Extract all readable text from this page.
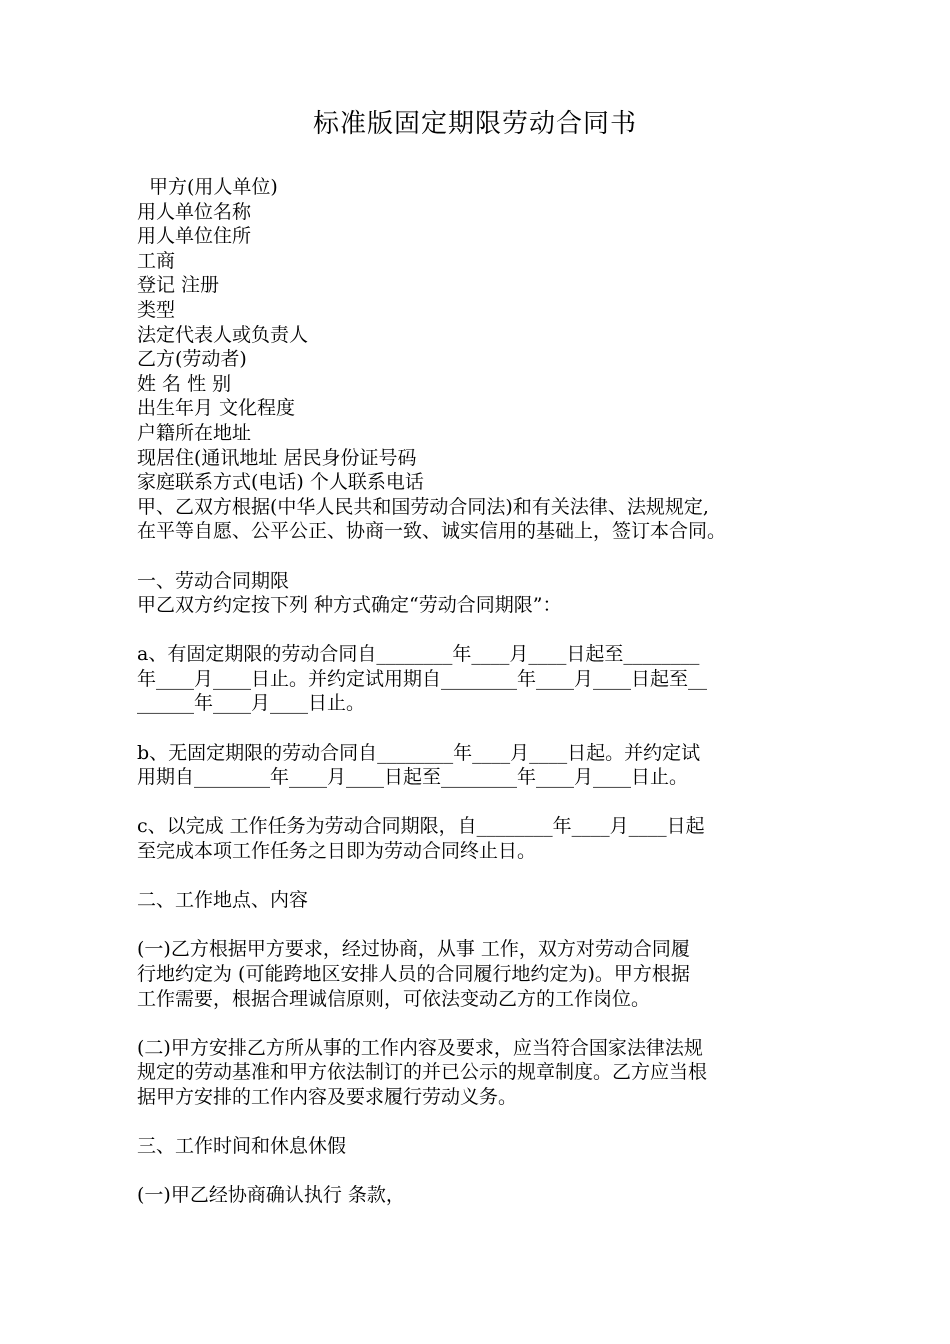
标准版固定期限劳动合同书
甲方(用人单位)
用人单位名称
用人单位住所
工商
登记 注册
类型
法定代表人或负责人
乙方(劳动者)
姓 名 性 别
出生年月 文化程度
户籍所在地址
现居住(通讯地址 居民身份证号码
家庭联系方式(电话) 个人联系电话
甲、乙双方根据(中华人民共和国劳动合同法)和有关法律、法规规定,
在平等自愿、公平公正、协商一致、诚实信用的基础上，签订本合同。
一、劳动合同期限
甲乙双方约定按下列 种方式确定“劳动合同期限”：
a、有固定期限的劳动合同自________年____月____日起至________
年____月____日止。并约定试用期自________年____月____日起至__
______年____月____日止。
b、无固定期限的劳动合同自________年____月____日起。并约定试
用期自________年____月____日起至________年____月____日止。
c、以完成 工作任务为劳动合同期限，自________年____月____日起
至完成本项工作任务之日即为劳动合同终止日。
二、工作地点、内容
(一)乙方根据甲方要求，经过协商，从事 工作，双方对劳动合同履
行地约定为 (可能跨地区安排人员的合同履行地约定为)。甲方根据
工作需要，根据合理诚信原则，可依法变动乙方的工作岗位。
(二)甲方安排乙方所从事的工作内容及要求，应当符合国家法律法规
规定的劳动基准和甲方依法制订的并已公示的规章制度。乙方应当根
据甲方安排的工作内容及要求履行劳动义务。
三、工作时间和休息休假
(一)甲乙经协商确认执行 条款，
